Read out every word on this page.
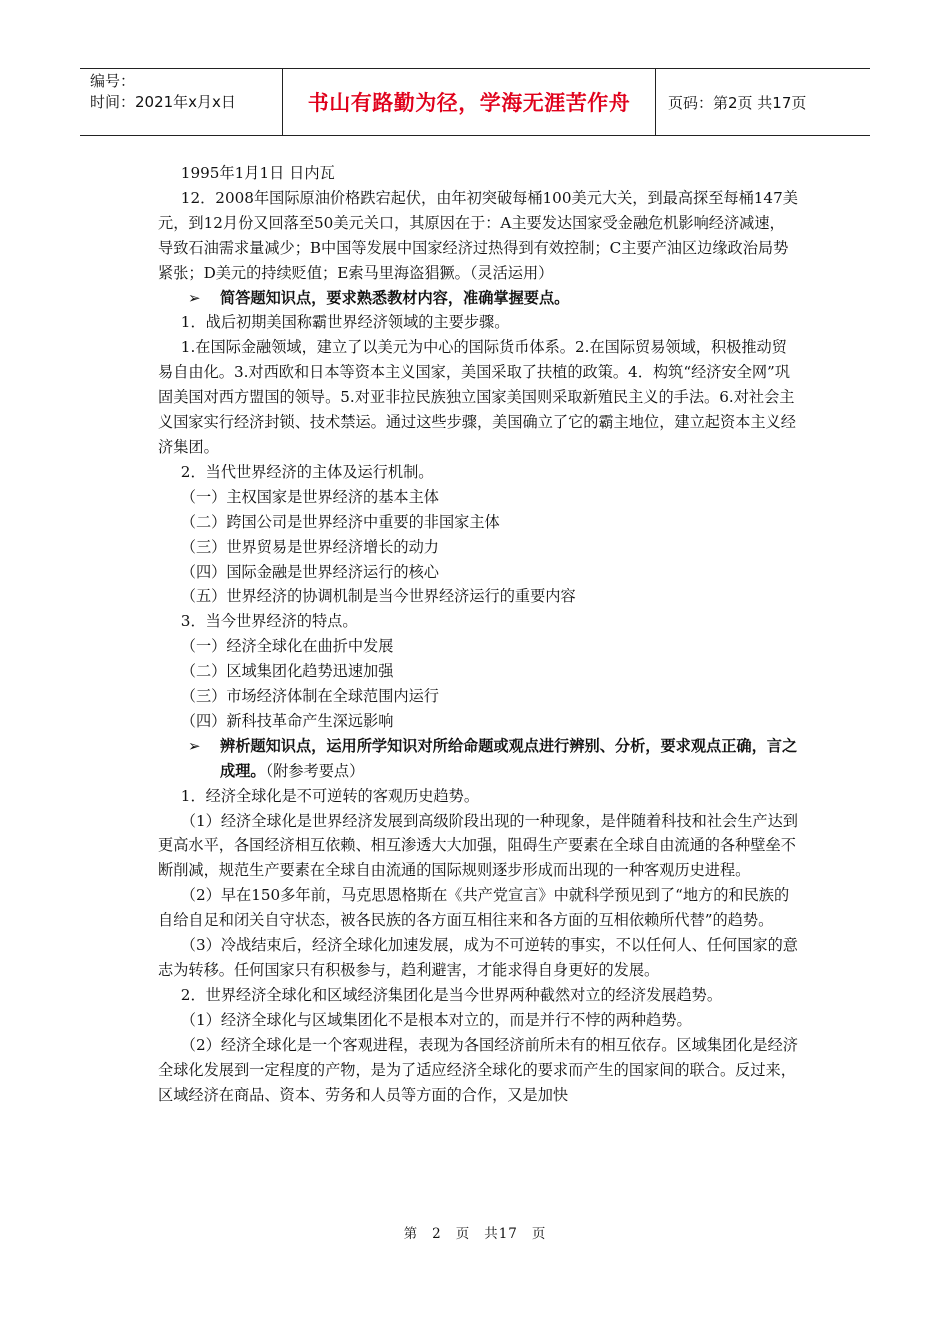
编号：
时间：2021年x月x日	书山有路勤为径，学海无涯苦作舟	页码：第2页 共17页

1995年1月1日 日内瓦

12．2008年国际原油价格跌宕起伏，由年初突破每桶100美元大关，到最高探至每桶147美元，到12月份又回落至50美元关口，其原因在于：A主要发达国家受金融危机影响经济减速，导致石油需求量减少；B中国等发展中国家经济过热得到有效控制；C主要产油区边缘政治局势紧张；D美元的持续贬值；E索马里海盗猖獗。（灵活运用）

➢	简答题知识点，要求熟悉教材内容，准确掌握要点。

1．战后初期美国称霸世界经济领域的主要步骤。

1.在国际金融领域，建立了以美元为中心的国际货币体系。2.在国际贸易领域，积极推动贸易自由化。3.对西欧和日本等资本主义国家，美国采取了扶植的政策。4．构筑“经济安全网”巩固美国对西方盟国的领导。5.对亚非拉民族独立国家美国则采取新殖民主义的手法。6.对社会主义国家实行经济封锁、技术禁运。通过这些步骤，美国确立了它的霸主地位，建立起资本主义经济集团。

2．当代世界经济的主体及运行机制。

（一）主权国家是世界经济的基本主体

（二）跨国公司是世界经济中重要的非国家主体

（三）世界贸易是世界经济增长的动力

（四）国际金融是世界经济运行的核心

（五）世界经济的协调机制是当今世界经济运行的重要内容

3．当今世界经济的特点。

（一）经济全球化在曲折中发展

（二）区域集团化趋势迅速加强

（三）市场经济体制在全球范围内运行

（四）新科技革命产生深远影响

➢	辨析题知识点，运用所学知识对所给命题或观点进行辨别、分析，要求观点正确，言之成理。（附参考要点）

1．经济全球化是不可逆转的客观历史趋势。

（1）经济全球化是世界经济发展到高级阶段出现的一种现象，是伴随着科技和社会生产达到更高水平，各国经济相互依赖、相互渗透大大加强，阻碍生产要素在全球自由流通的各种壁垒不断削减，规范生产要素在全球自由流通的国际规则逐步形成而出现的一种客观历史进程。

（2）早在150多年前，马克思恩格斯在《共产党宣言》中就科学预见到了“地方的和民族的自给自足和闭关自守状态，被各民族的各方面互相往来和各方面的互相依赖所代替”的趋势。

（3）冷战结束后，经济全球化加速发展，成为不可逆转的事实，不以任何人、任何国家的意志为转移。任何国家只有积极参与，趋利避害，才能求得自身更好的发展。

2．世界经济全球化和区域经济集团化是当今世界两种截然对立的经济发展趋势。

（1）经济全球化与区域集团化不是根本对立的，而是并行不悖的两种趋势。

（2）经济全球化是一个客观进程，表现为各国经济前所未有的相互依存。区域集团化是经济全球化发展到一定程度的产物，是为了适应经济全球化的要求而产生的国家间的联合。反过来，区域经济在商品、资本、劳务和人员等方面的合作，又是加快

第 2 页 共17 页
